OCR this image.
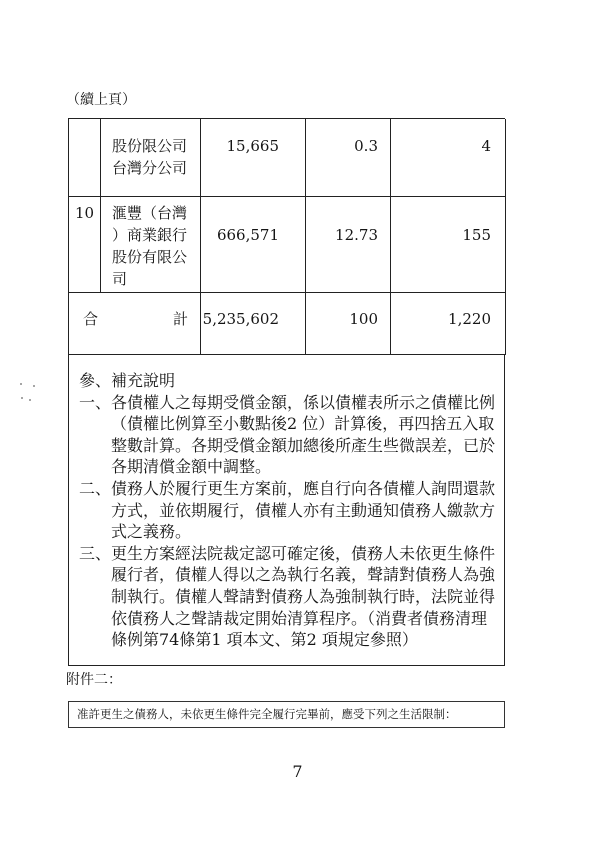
（續上頁）
股份限公司
台灣分公司
15,665	0.3	4
10	滙豐（台灣
）商業銀行
股份有限公
司
666,571	12.73	155
合	計 5,235,602	100	1,220
參、補充說明
一、 各債權人之每期受償金額，係以債權表所示之債權比例
（債權比例算至小數點後2 位）計算後，再四捨五入取
整數計算。各期受償金額加總後所產生些微誤差，已於
各期清償金額中調整。
二、 債務人於履行更生方案前，應自行向各債權人詢問還款
方式，並依期履行，債權人亦有主動通知債務人繳款方
式之義務。
三、 更生方案經法院裁定認可確定後，債務人未依更生條件
履行者，債權人得以之為執行名義，聲請對債務人為強
制執行。債權人聲請對債務人為強制執行時，法院並得
依債務人之聲請裁定開始清算程序。（消費者債務清理
條例第74條第1 項本文、第2 項規定參照）
附件二：
准許更生之債務人，未依更生條件完全履行完畢前，應受下列之生活限制：
7
